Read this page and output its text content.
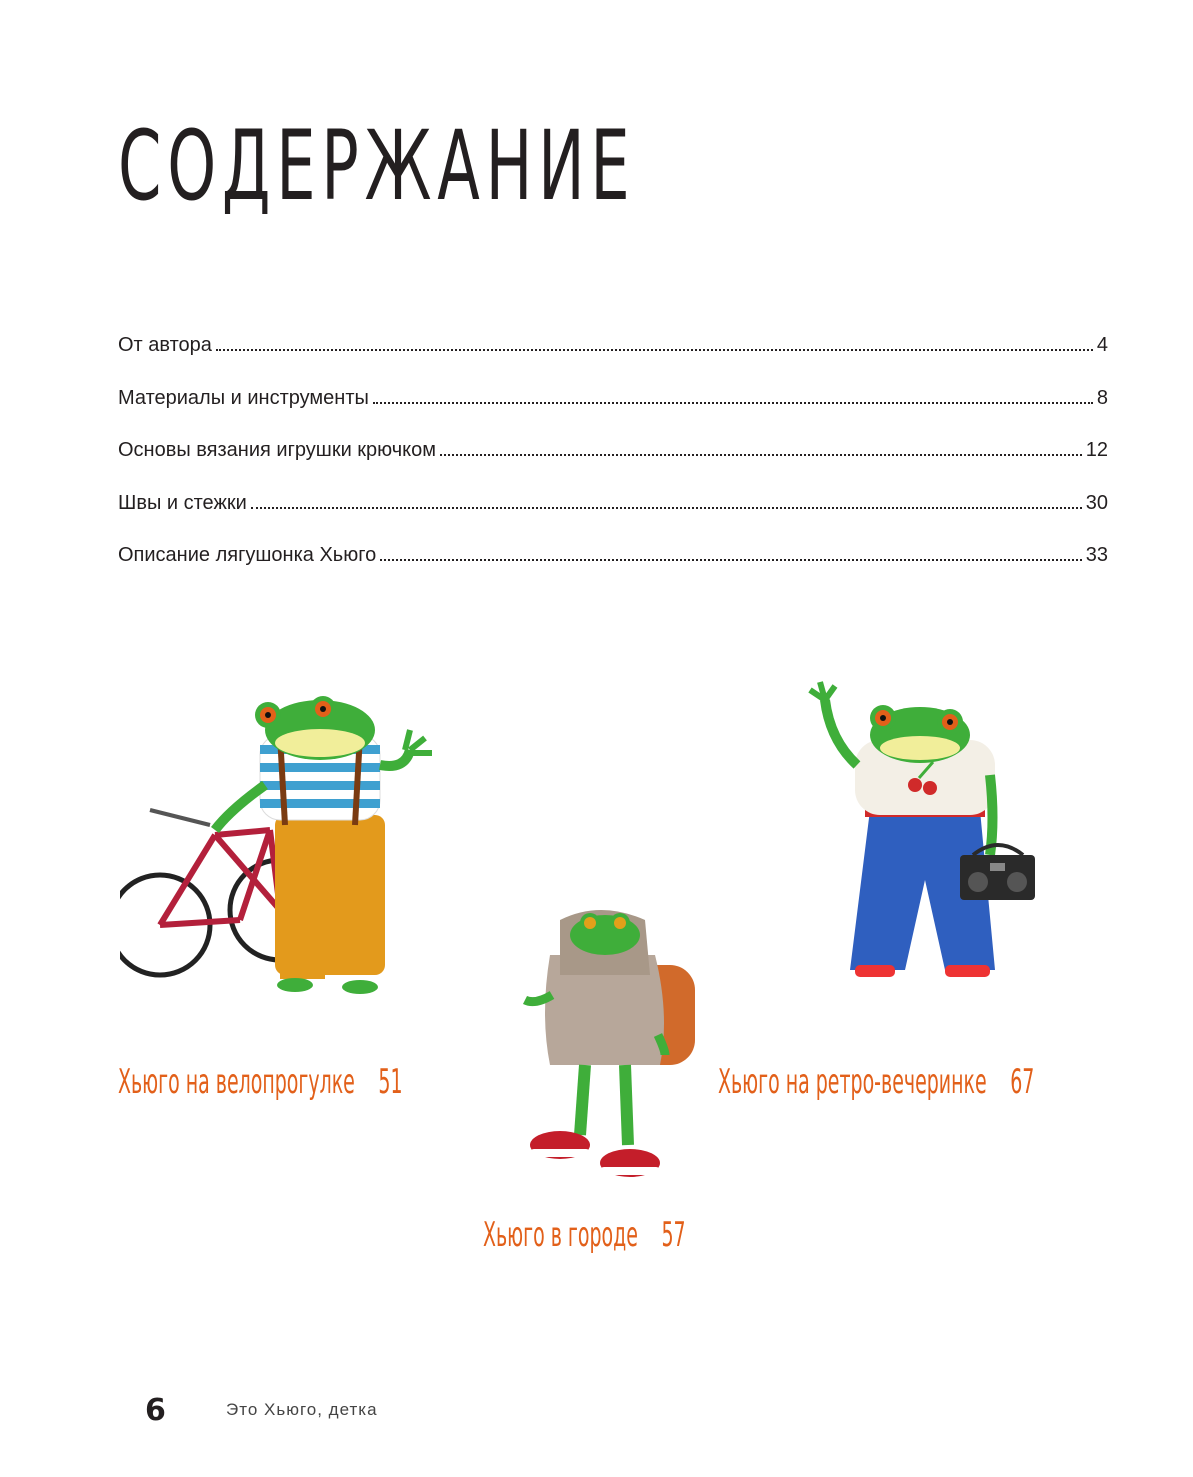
СОДЕРЖАНИЕ
От автора	4
Материалы и инструменты	8
Основы вязания игрушки крючком	12
Швы и стежки	30
Описание лягушонка Хьюго	33
Хьюго на велопрогулке 51
Хьюго в городе 57
Хьюго на ретро-вечеринке 67
6	Это Хьюго, детка
